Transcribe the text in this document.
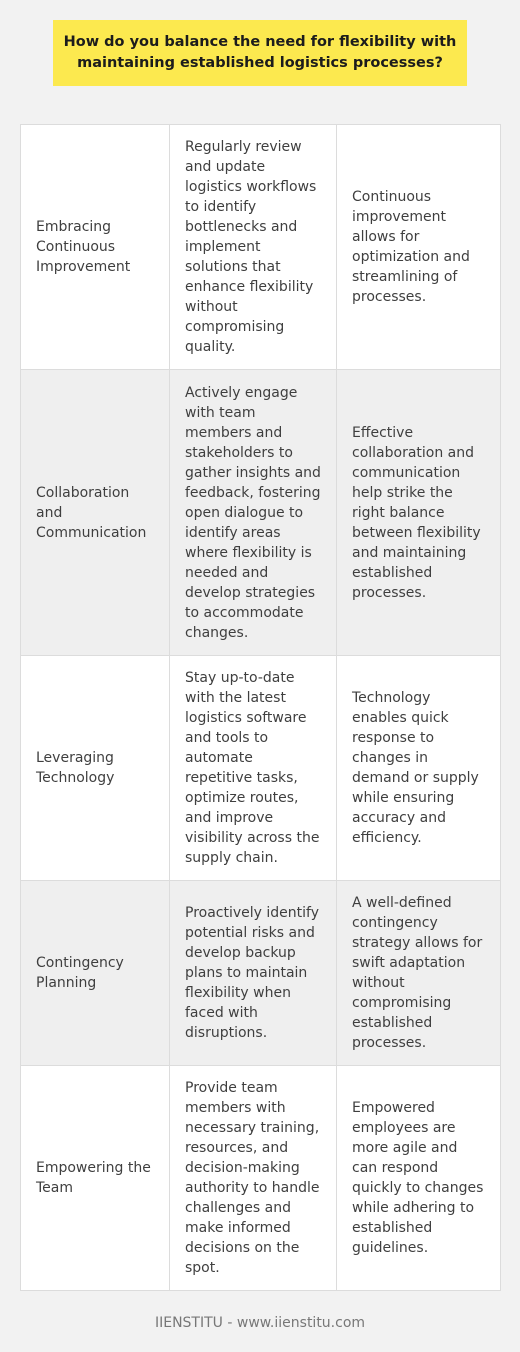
How do you balance the need for flexibility with maintaining established logistics processes?
Embracing Continuous Improvement	Regularly review and update logistics workflows to identify bottlenecks and implement solutions that enhance flexibility without compromising quality.	Continuous improvement allows for optimization and streamlining of processes.
Collaboration and Communication	Actively engage with team members and stakeholders to gather insights and feedback, fostering open dialogue to identify areas where flexibility is needed and develop strategies to accommodate changes.	Effective collaboration and communication help strike the right balance between flexibility and maintaining established processes.
Leveraging Technology	Stay up-to-date with the latest logistics software and tools to automate repetitive tasks, optimize routes, and improve visibility across the supply chain.	Technology enables quick response to changes in demand or supply while ensuring accuracy and efficiency.
Contingency Planning	Proactively identify potential risks and develop backup plans to maintain flexibility when faced with disruptions.	A well-defined contingency strategy allows for swift adaptation without compromising established processes.
Empowering the Team	Provide team members with necessary training, resources, and decision-making authority to handle challenges and make informed decisions on the spot.	Empowered employees are more agile and can respond quickly to changes while adhering to established guidelines.
IIENSTITU - www.iienstitu.com
